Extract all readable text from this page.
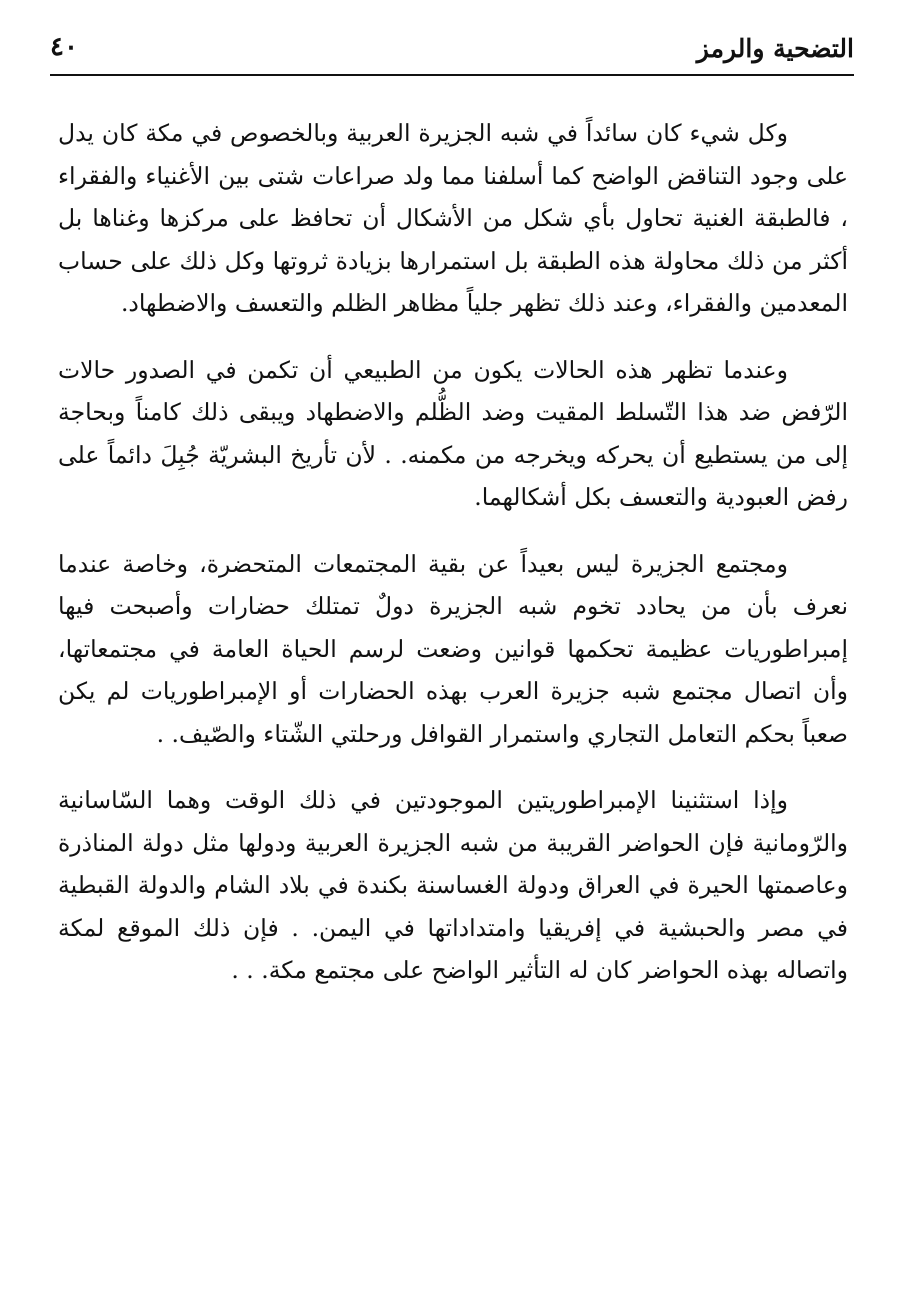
التضحية والرمز
٤٠

وكل شيء كان سائداً في شبه الجزيرة العربية وبالخصوص في مكة كان يدل على وجود التناقض الواضح كما أسلفنا مما ولد صراعات شتى بين الأغنياء والفقراء ، فالطبقة الغنية تحاول بأي شكل من الأشكال أن تحافظ على مركزها وغناها بل أكثر من ذلك محاولة هذه الطبقة بل استمرارها بزيادة ثروتها وكل ذلك على حساب المعدمين والفقراء، وعند ذلك تظهر جلياً مظاهر الظلم والتعسف والاضطهاد.

وعندما تظهر هذه الحالات يكون من الطبيعي أن تكمن في الصدور حالات الرّفض ضد هذا التّسلط المقيت وضد الظُّلم والاضطهاد ويبقى ذلك كامناً وبحاجة إلى من يستطيع أن يحركه ويخرجه من مكمنه. . لأن تأريخ البشريّة جُبِلَ دائماً على رفض العبودية والتعسف بكل أشكالهما.

ومجتمع الجزيرة ليس بعيداً عن بقية المجتمعات المتحضرة، وخاصة عندما نعرف بأن من يحادد تخوم شبه الجزيرة دولٌ تمتلك حضارات وأصبحت فيها إمبراطوريات عظيمة تحكمها قوانين وضعت لرسم الحياة العامة في مجتمعاتها، وأن اتصال مجتمع شبه جزيرة العرب بهذه الحضارات أو الإمبراطوريات لم يكن صعباً بحكم التعامل التجاري واستمرار القوافل ورحلتي الشّتاء والصّيف. .

وإذا استثنينا الإمبراطوريتين الموجودتين في ذلك الوقت وهما السّاسانية والرّومانية فإن الحواضر القريبة من شبه الجزيرة العربية ودولها مثل دولة المناذرة وعاصمتها الحيرة في العراق ودولة الغساسنة بكندة في بلاد الشام والدولة القبطية في مصر والحبشية في إفريقيا وامتداداتها في اليمن. . فإن ذلك الموقع لمكة واتصاله بهذه الحواضر كان له التأثير الواضح على مجتمع مكة. . .
